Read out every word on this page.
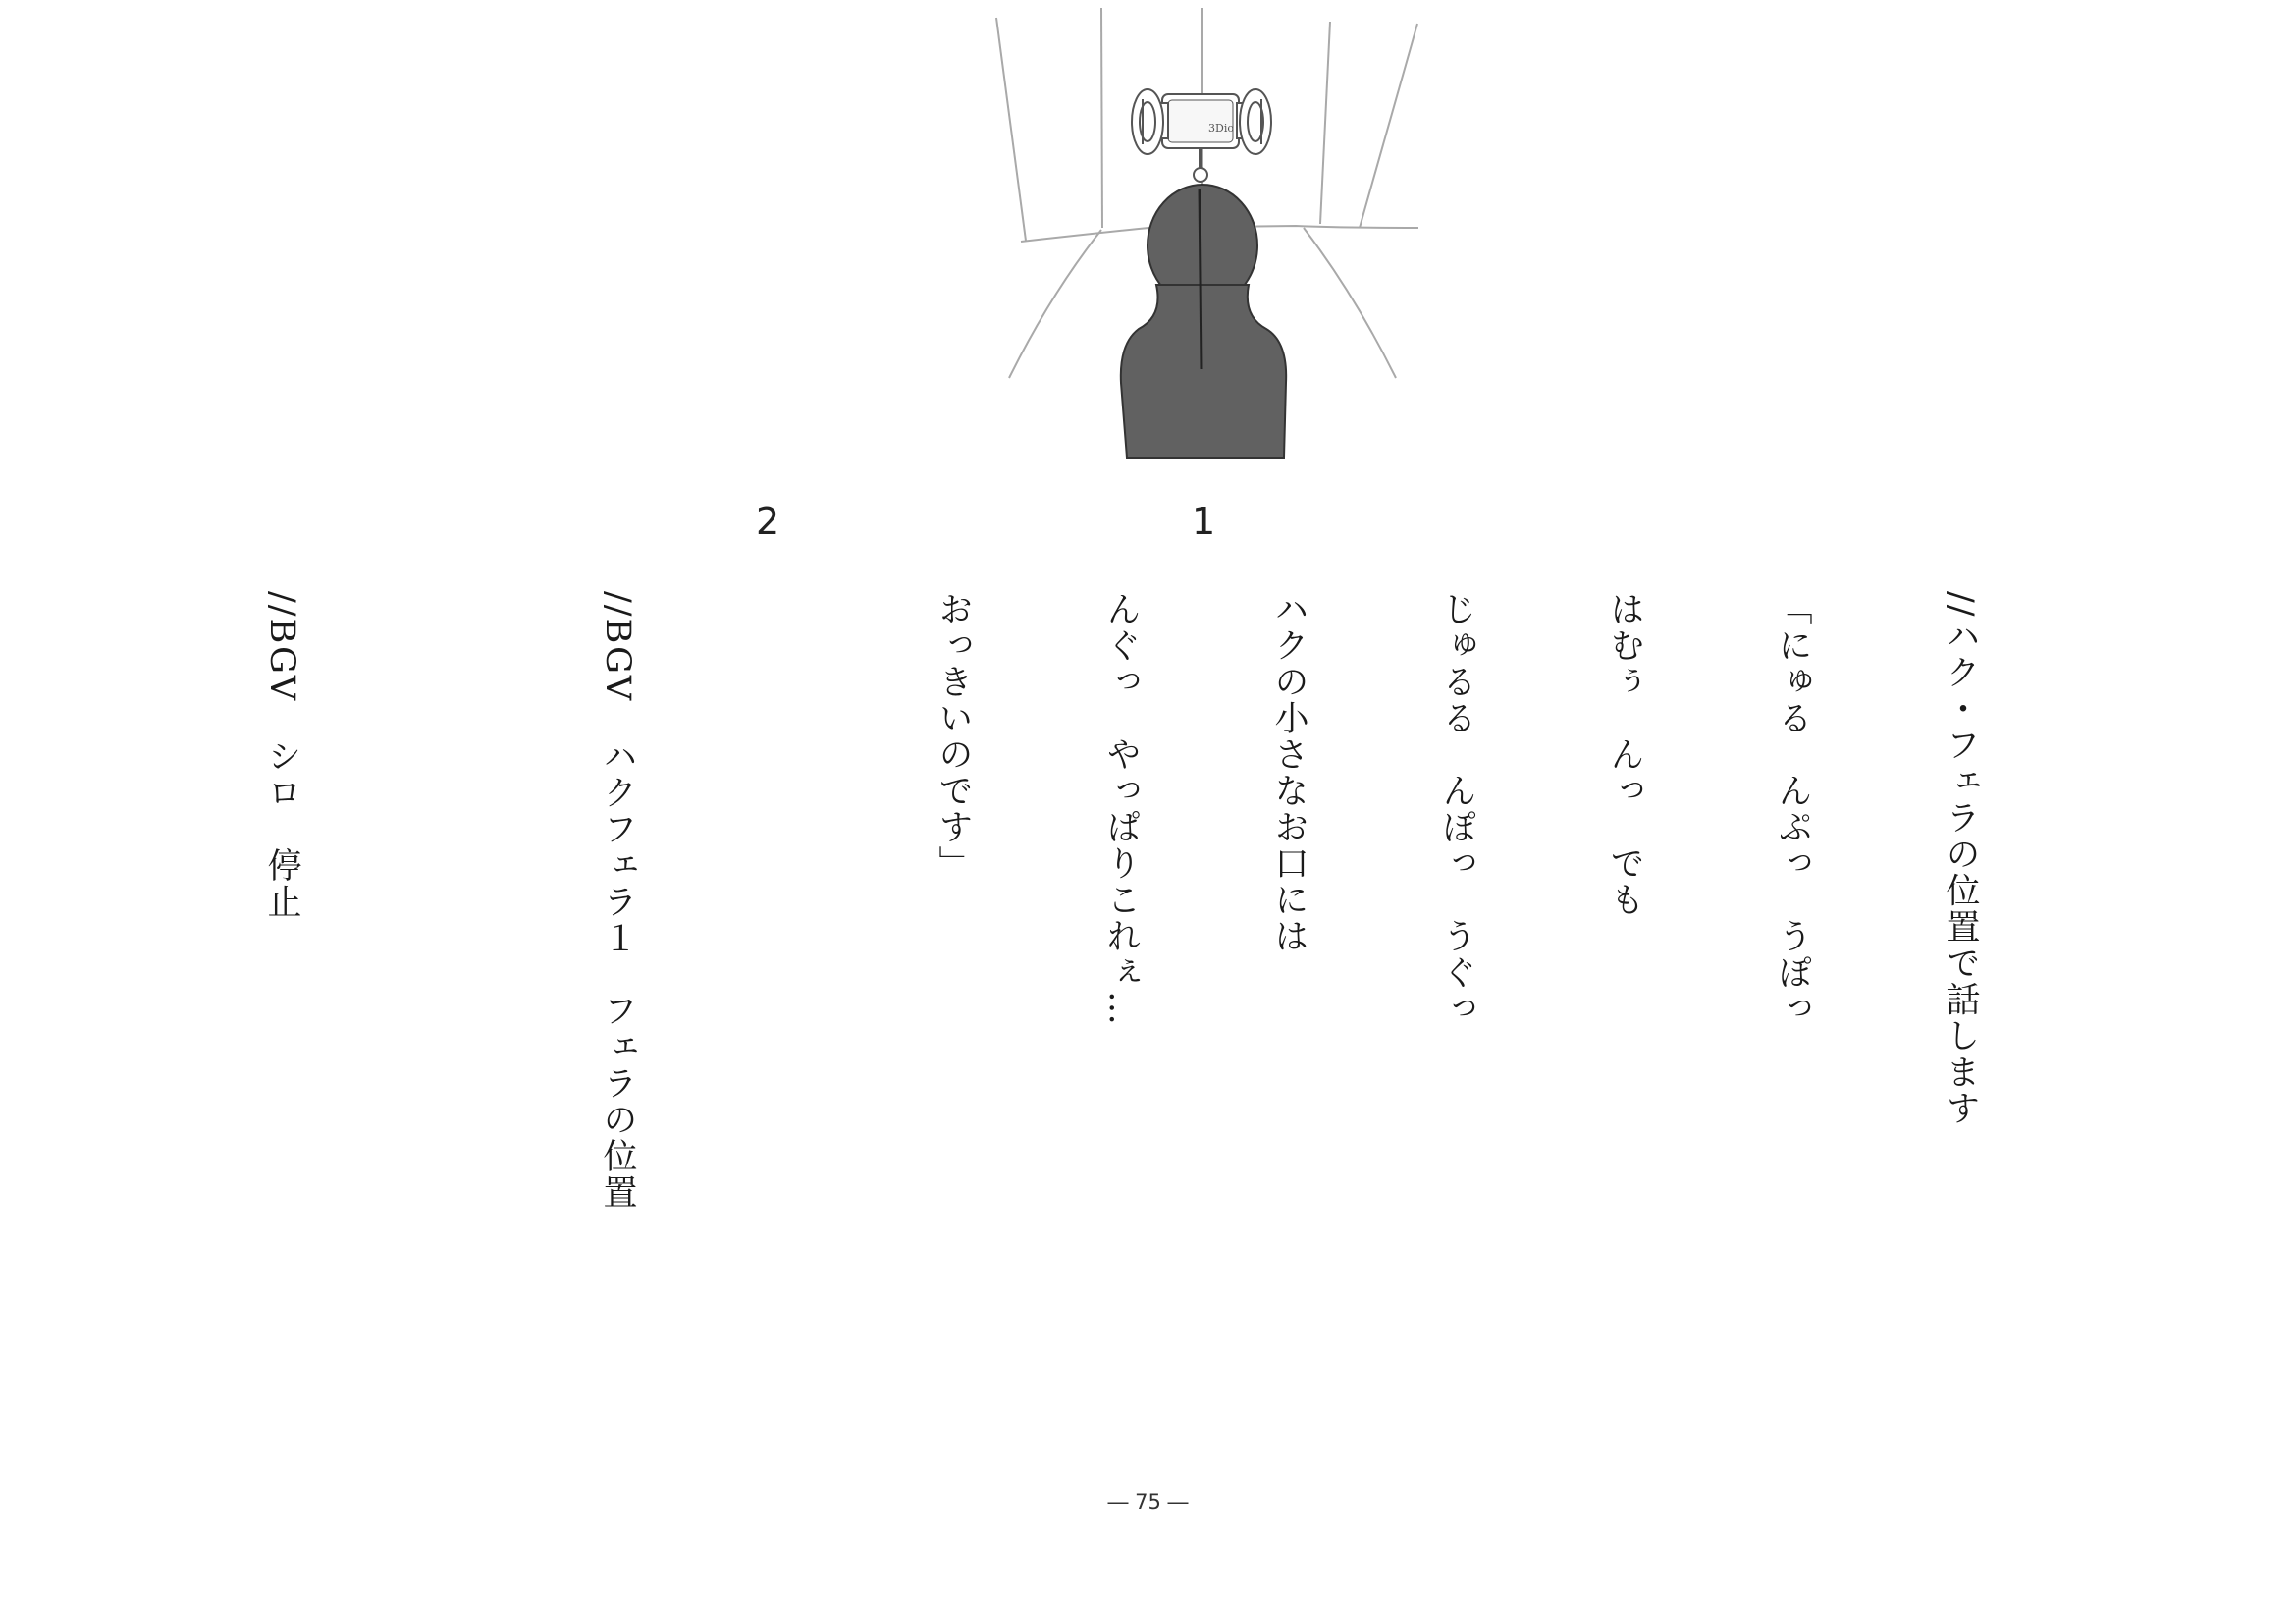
3Dio
2	1

//ハク・フェラの位置で話します

「にゅる　んぷっ　うぽっ

はむぅ　んっ　でも

じゅるる　んぽっ　うぐっ

ハクの小さなお口には

んぐっ　やっぱりこれぇ…

おっきいのです」

//BGV　ハクフェラ１　フェラの位置

//BGV　シロ　停止

― 75 ―
